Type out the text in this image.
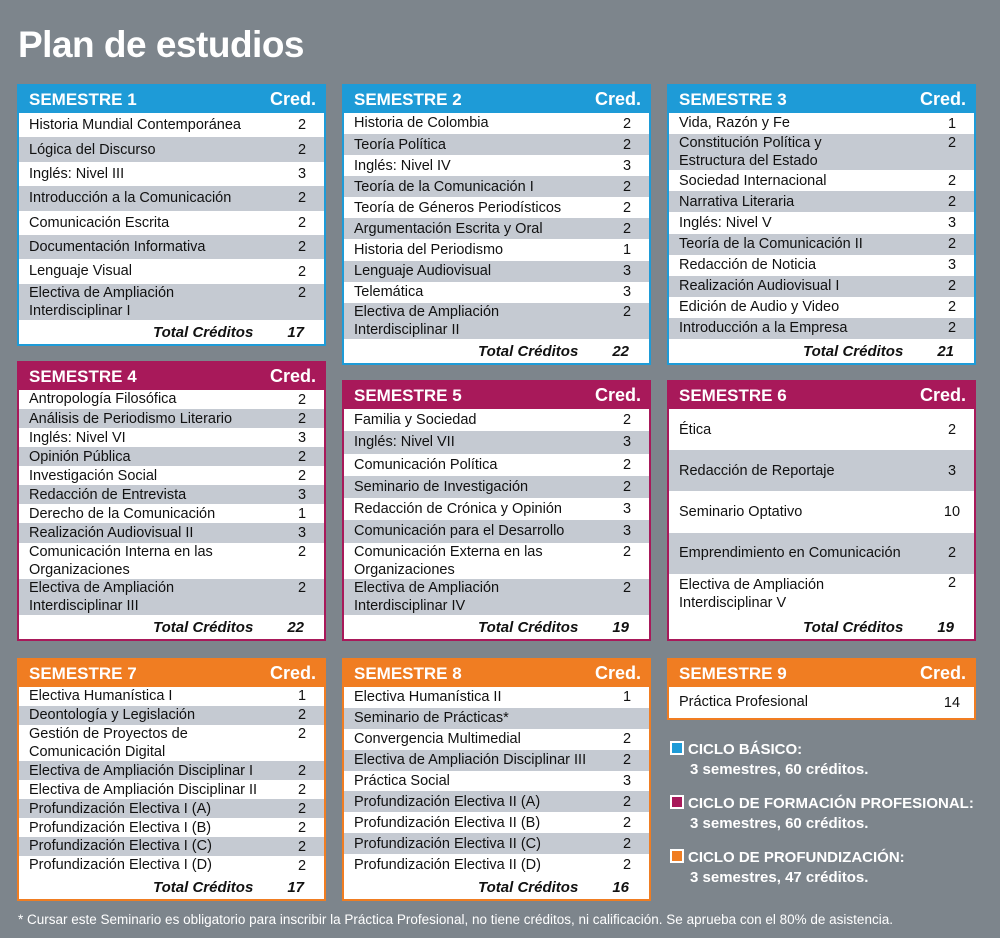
Plan de estudios
SEMESTRE 1	Cred.
Historia Mundial Contemporánea	2
Lógica del Discurso	2
Inglés: Nivel III	3
Introducción a la Comunicación	2
Comunicación Escrita	2
Documentación Informativa	2
Lenguaje Visual	2
Electiva de Ampliación
Interdisciplinar I
2
Total Créditos 17
SEMESTRE 2	Cred.
Historia de Colombia	2
Teoría Política	2
Inglés: Nivel IV	3
Teoría de la Comunicación I	2
Teoría de Géneros Periodísticos	2
Argumentación Escrita y Oral	2
Historia del Periodismo	1
Lenguaje Audiovisual	3
Telemática	3
Electiva de Ampliación
Interdisciplinar II
2
Total Créditos 22
SEMESTRE 3	Cred.
Vida, Razón y Fe	1
Constitución Política y
Estructura del Estado
2
Sociedad Internacional	2
Narrativa Literaria	2
Inglés: Nivel V	3
Teoría de la Comunicación II	2
Redacción de Noticia	3
Realización Audiovisual I	2
Edición de Audio y Video	2
Introducción a la Empresa	2
Total Créditos 21
SEMESTRE 4	Cred.
Antropología Filosófica	2
Análisis de Periodismo Literario	2
Inglés: Nivel VI	3
Opinión Pública	2
Investigación Social	2
Redacción de Entrevista	3
Derecho de la Comunicación	1
Realización Audiovisual II	3
Comunicación Interna en las
Organizaciones
2
Electiva de Ampliación
Interdisciplinar III
2
Total Créditos 22
SEMESTRE 5	Cred.
Familia y Sociedad	2
Inglés: Nivel VII	3
Comunicación Política	2
Seminario de Investigación	2
Redacción de Crónica y Opinión	3
Comunicación para el Desarrollo	3
Comunicación Externa en las
Organizaciones
2
Electiva de Ampliación
Interdisciplinar IV
2
Total Créditos 19
SEMESTRE 6	Cred.
Ética	2
Redacción de Reportaje	3
Seminario Optativo	10
Emprendimiento en Comunicación	2
Electiva de Ampliación
Interdisciplinar V
2
Total Créditos 19
SEMESTRE 7	Cred.
Electiva Humanística I	1
Deontología y Legislación	2
Gestión de Proyectos de
Comunicación Digital
2
Electiva de Ampliación Disciplinar I	2
Electiva de Ampliación Disciplinar II	2
Profundización Electiva I (A)	2
Profundización Electiva I (B)	2
Profundización Electiva I (C)	2
Profundización Electiva I (D)	2
Total Créditos 17
SEMESTRE 8	Cred.
Electiva Humanística II	1
Seminario de Prácticas*
Convergencia Multimedial	2
Electiva de Ampliación Disciplinar III	2
Práctica Social	3
Profundización Electiva II (A)	2
Profundización Electiva II (B)	2
Profundización Electiva II (C)	2
Profundización Electiva II (D)	2
Total Créditos 16
SEMESTRE 9	Cred.
Práctica Profesional	14
CICLO BÁSICO:
3 semestres, 60 créditos.
CICLO DE FORMACIÓN PROFESIONAL:
3 semestres, 60 créditos.
CICLO DE PROFUNDIZACIÓN:
3 semestres, 47 créditos.
* Cursar este Seminario es obligatorio para inscribir la Práctica Profesional, no tiene créditos, ni calificación. Se aprueba con el 80% de asistencia.
